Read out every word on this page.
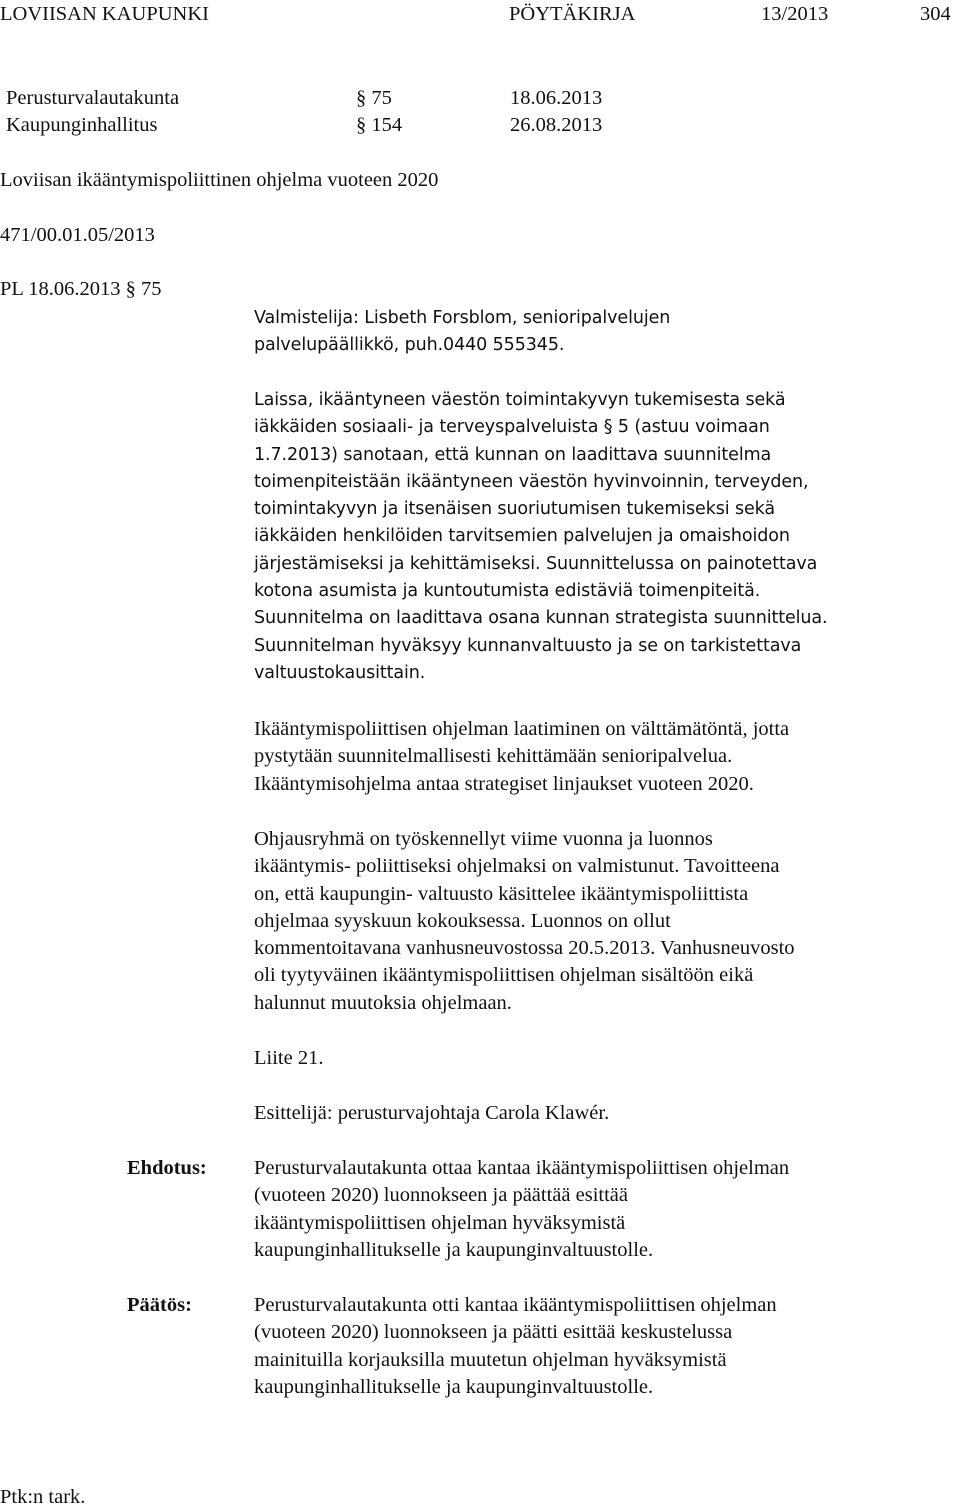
LOVIISAN KAUPUNKI	PÖYTÄKIRJA	13/2013	304
Perusturvalautakunta	§ 75	18.06.2013
Kaupunginhallitus	§ 154	26.08.2013
Loviisan ikääntymispoliittinen ohjelma vuoteen 2020
471/00.01.05/2013
PL 18.06.2013 § 75
Valmistelija: Lisbeth Forsblom, senioripalvelujen
palvelupäällikkö, puh.0440 555345.
Laissa, ikääntyneen väestön toimintakyvyn tukemisesta sekä
iäkkäiden sosiaali- ja terveyspalveluista § 5 (astuu voimaan
1.7.2013) sanotaan, että kunnan on laadittava suunnitelma
toimenpiteistään ikääntyneen väestön hyvinvoinnin, terveyden,
toimintakyvyn ja itsenäisen suoriutumisen tukemiseksi sekä
iäkkäiden henkilöiden tarvitsemien palvelujen ja omaishoidon
järjestämiseksi ja kehittämiseksi. Suunnittelussa on painotettava
kotona asumista ja kuntoutumista edistäviä toimenpiteitä.
Suunnitelma on laadittava osana kunnan strategista suunnittelua.
Suunnitelman hyväksyy kunnanvaltuusto ja se on tarkistettava
valtuustokausittain.
Ikääntymispoliittisen ohjelman laatiminen on välttämätöntä, jotta
pystytään suunnitelmallisesti kehittämään senioripalvelua.
Ikääntymisohjelma antaa strategiset linjaukset vuoteen 2020.
Ohjausryhmä on työskennellyt viime vuonna ja luonnos
ikääntymis- poliittiseksi ohjelmaksi on valmistunut. Tavoitteena
on, että kaupungin- valtuusto käsittelee ikääntymispoliittista
ohjelmaa syyskuun kokouksessa. Luonnos on ollut
kommentoitavana vanhusneuvostossa 20.5.2013. Vanhusneuvosto
oli tyytyväinen ikääntymispoliittisen ohjelman sisältöön eikä
halunnut muutoksia ohjelmaan.
Liite 21.
Esittelijä: perusturvajohtaja Carola Klawér.
Ehdotus: Perusturvalautakunta ottaa kantaa ikääntymispoliittisen ohjelman
(vuoteen 2020) luonnokseen ja päättää esittää
ikääntymispoliittisen ohjelman hyväksymistä
kaupunginhallitukselle ja kaupunginvaltuustolle.
Päätös:	Perusturvalautakunta otti kantaa ikääntymispoliittisen ohjelman
(vuoteen 2020) luonnokseen ja päätti esittää keskustelussa
mainituilla korjauksilla muutetun ohjelman hyväksymistä
kaupunginhallitukselle ja kaupunginvaltuustolle.
Ptk:n tark.
